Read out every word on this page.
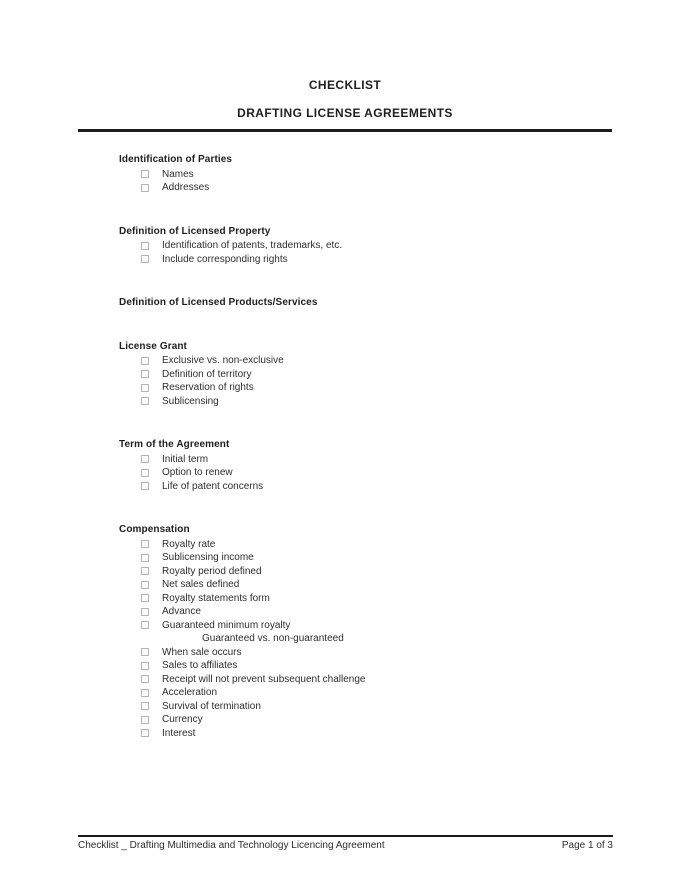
CHECKLIST
DRAFTING LICENSE AGREEMENTS
Identification of Parties
Names
Addresses
Definition of Licensed Property
Identification of patents, trademarks, etc.
Include corresponding rights
Definition of Licensed Products/Services
License Grant
Exclusive vs. non-exclusive
Definition of territory
Reservation of rights
Sublicensing
Term of the Agreement
Initial term
Option to renew
Life of patent concerns
Compensation
Royalty rate
Sublicensing income
Royalty period defined
Net sales defined
Royalty statements form
Advance
Guaranteed minimum royalty
Guaranteed vs. non-guaranteed
When sale occurs
Sales to affiliates
Receipt will not prevent subsequent challenge
Acceleration
Survival of termination
Currency
Interest
Checklist _ Drafting Multimedia and Technology Licencing Agreement	Page 1 of 3
